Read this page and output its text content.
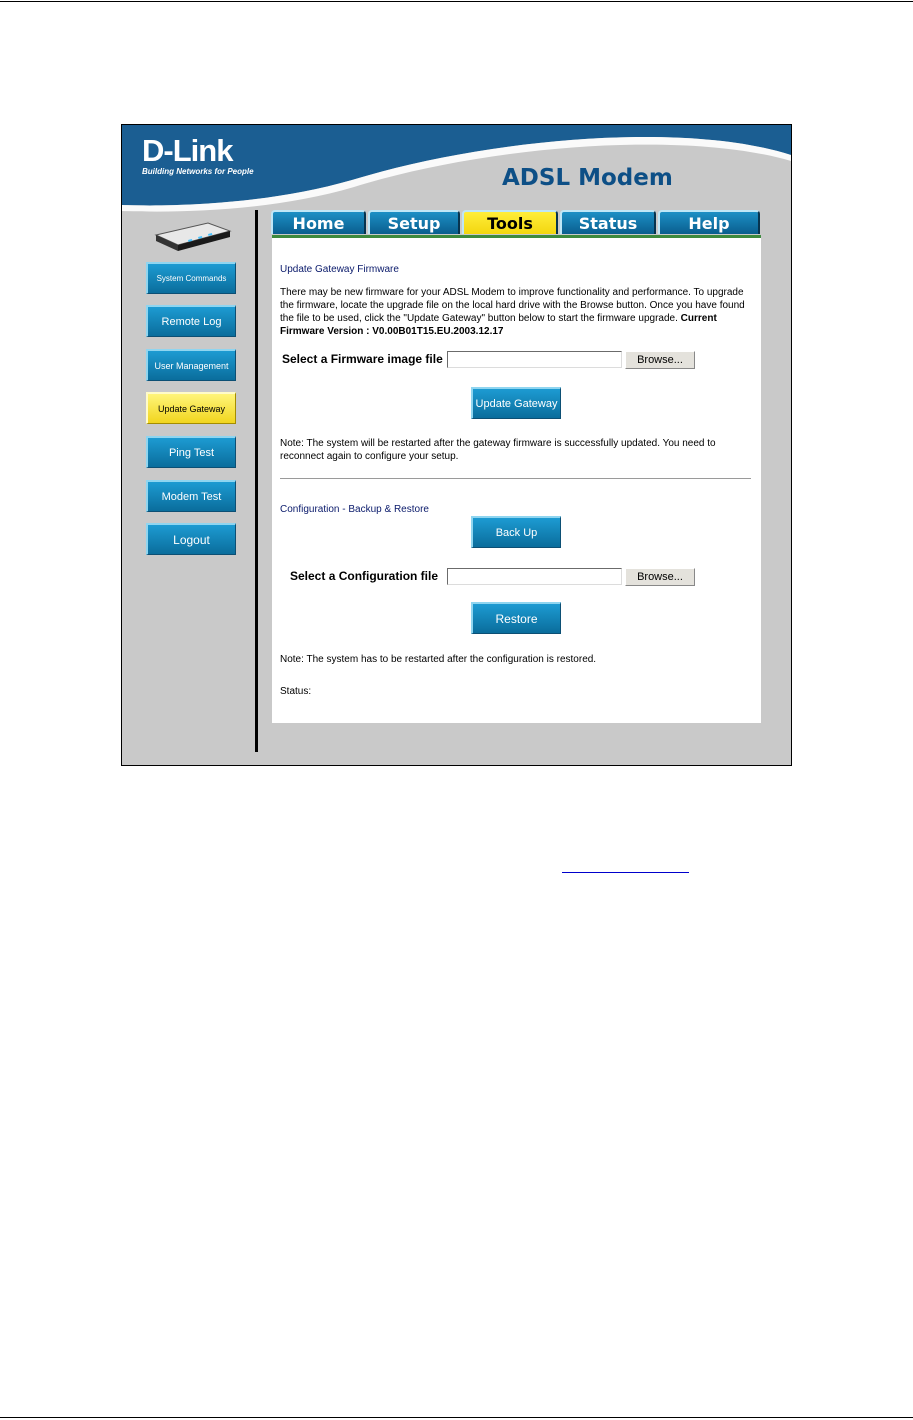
D-Link
Building Networks for People	ADSL Modem
System Commands
Remote Log
User Management
Update Gateway
Ping Test
Modem Test
Logout
Home	Setup	Tools	Status	Help
Update Gateway Firmware
There may be new firmware for your ADSL Modem to improve functionality and performance. To upgrade the firmware, locate the upgrade file on the local hard drive with the Browse button. Once you have found the file to be used, click the "Update Gateway" button below to start the firmware upgrade. Current Firmware Version : V0.00B01T15.EU.2003.12.17
Select a Firmware image file	Browse...
Update Gateway
Note: The system will be restarted after the gateway firmware is successfully updated. You need to reconnect again to configure your setup.
Configuration - Backup & Restore
Back Up
Select a Configuration file	Browse...
Restore
Note: The system has to be restarted after the configuration is restored.
Status:
